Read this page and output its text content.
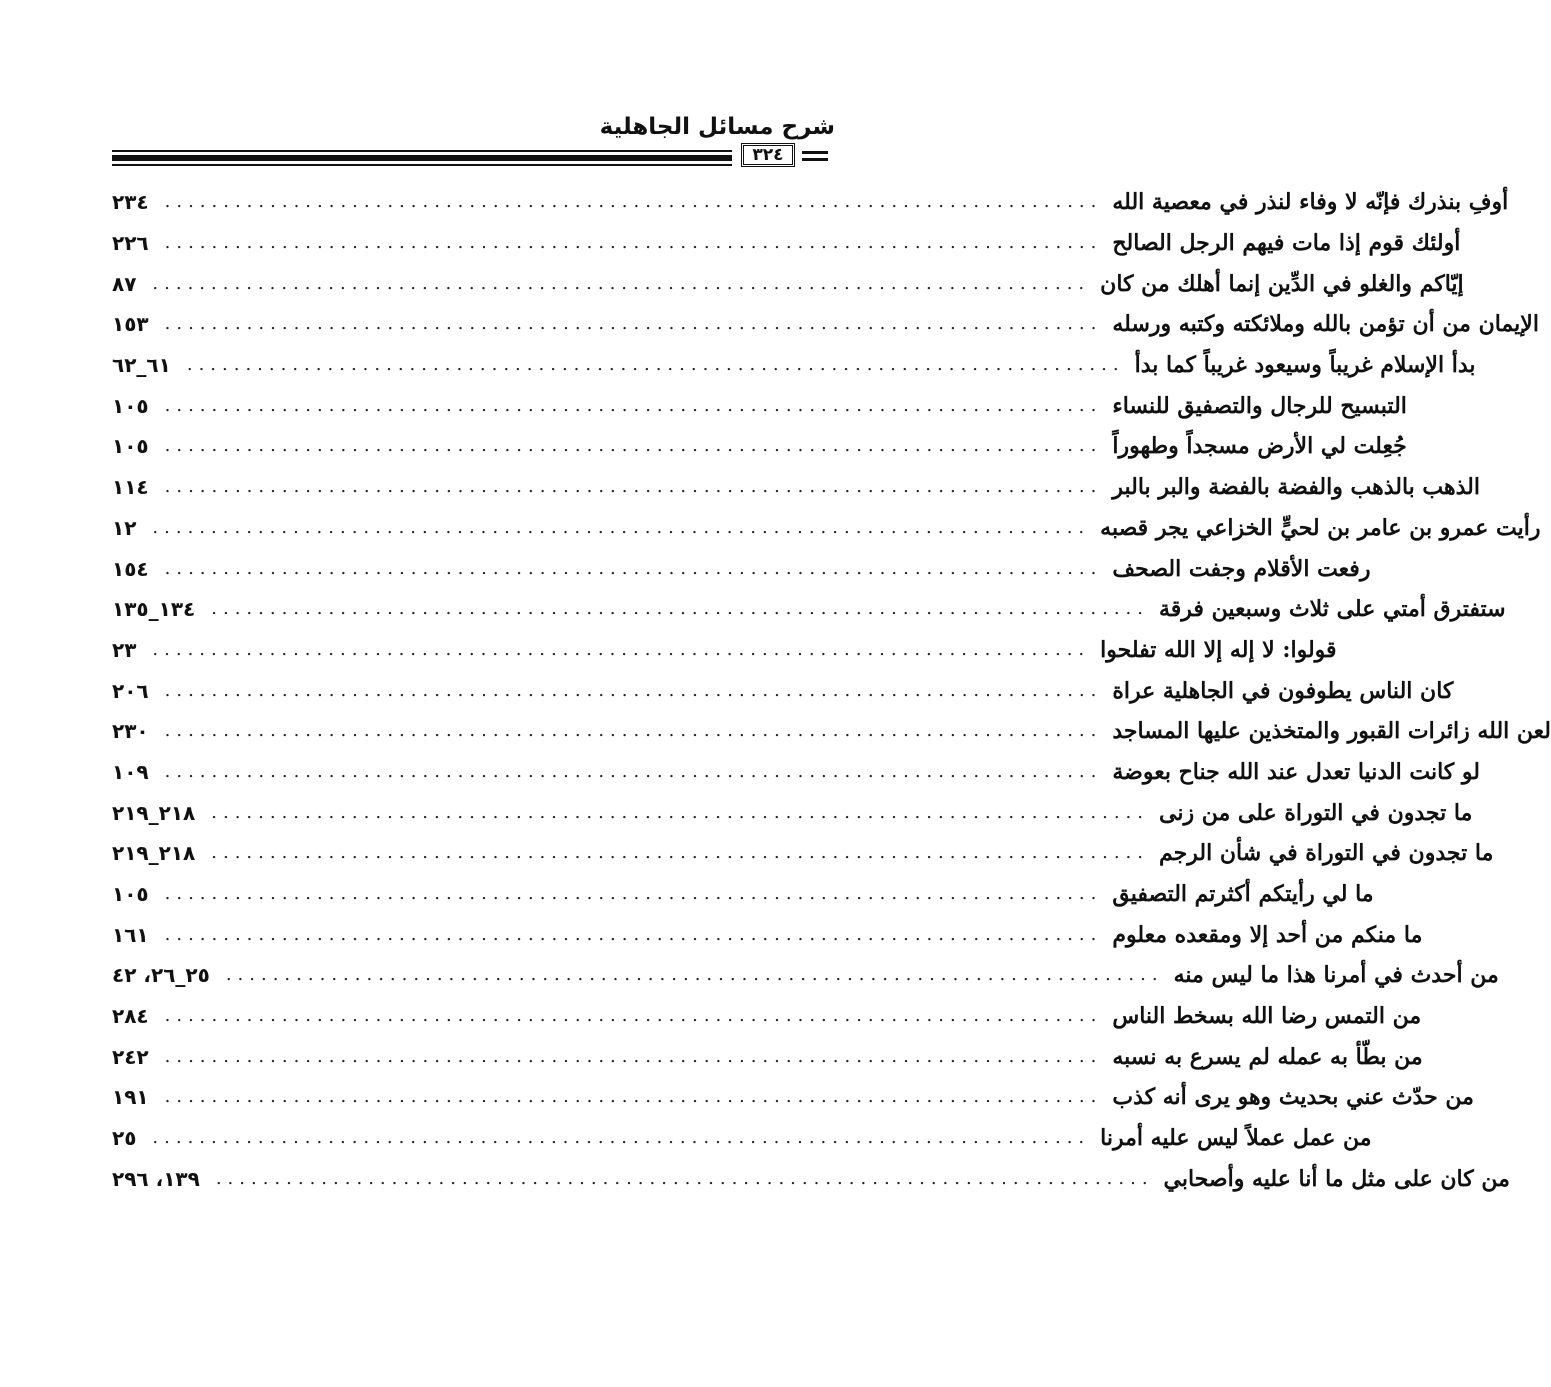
شرح مسائل الجاهلية
٣٢٤
٢٣٤ ................................................................................ أوفِ بنذرك فإنّه لا وفاء لنذر في معصية الله
٢٢٦ ................................................................................ أولئك قوم إذا مات فيهم الرجل الصالح
٨٧ ................................................................................ إيّاكم والغلو في الدِّين إنما أهلك من كان
١٥٣ ................................................................................ الإيمان من أن تؤمن بالله وملائكته وكتبه ورسله
٦١_٦٢ ................................................................................ بدأ الإسلام غريباً وسيعود غريباً كما بدأ
١٠٥ ................................................................................ التبسيح للرجال والتصفيق للنساء
١٠٥ ................................................................................ جُعِلت لي الأرض مسجداً وطهوراً
١١٤ ................................................................................ الذهب بالذهب والفضة بالفضة والبر بالبر
١٢ ................................................................................ رأيت عمرو بن عامر بن لحيٍّ الخزاعي يجر قصبه
١٥٤ ................................................................................ رفعت الأقلام وجفت الصحف
١٣٤_١٣٥ ................................................................................ ستفترق أمتي على ثلاث وسبعين فرقة
٢٣ ................................................................................ قولوا: لا إله إلا الله تفلحوا
٢٠٦ ................................................................................ كان الناس يطوفون في الجاهلية عراة
٢٣٠ ................................................................................ لعن الله زائرات القبور والمتخذين عليها المساجد
١٠٩ ................................................................................ لو كانت الدنيا تعدل عند الله جناح بعوضة
٢١٨_٢١٩ ................................................................................ ما تجدون في التوراة على من زنى
٢١٨_٢١٩ ................................................................................ ما تجدون في التوراة في شأن الرجم
١٠٥ ................................................................................ ما لي رأيتكم أكثرتم التصفيق
١٦١ ................................................................................ ما منكم من أحد إلا ومقعده معلوم
٢٥_٢٦، ٤٢ ................................................................................ من أحدث في أمرنا هذا ما ليس منه
٢٨٤ ................................................................................ من التمس رضا الله بسخط الناس
٢٤٢ ................................................................................ من بطّأ به عمله لم يسرع به نسبه
١٩١ ................................................................................ من حدّث عني بحديث وهو يرى أنه كذب
٢٥ ................................................................................ من عمل عملاً ليس عليه أمرنا
١٣٩، ٢٩٦ ................................................................................ من كان على مثل ما أنا عليه وأصحابي
